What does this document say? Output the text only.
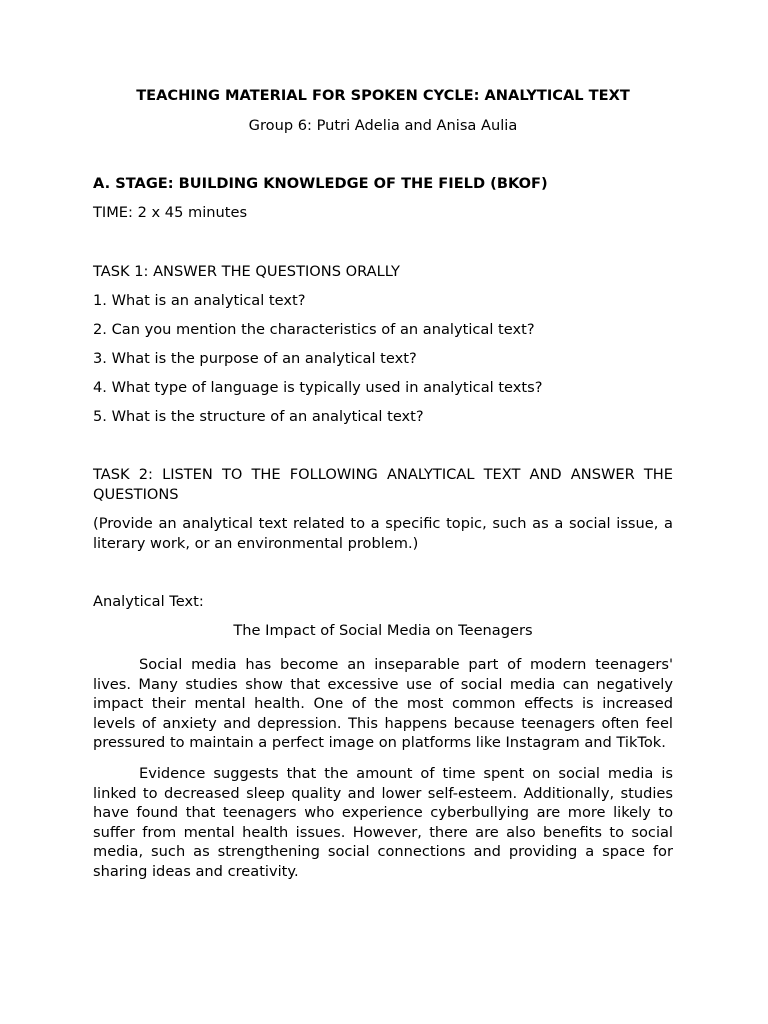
TEACHING MATERIAL FOR SPOKEN CYCLE: ANALYTICAL TEXT

Group 6: Putri Adelia and Anisa Aulia

A. STAGE: BUILDING KNOWLEDGE OF THE FIELD (BKOF)

TIME: 2 x 45 minutes

TASK 1: ANSWER THE QUESTIONS ORALLY

1. What is an analytical text?

2. Can you mention the characteristics of an analytical text?

3. What is the purpose of an analytical text?

4. What type of language is typically used in analytical texts?

5. What is the structure of an analytical text?

TASK 2: LISTEN TO THE FOLLOWING ANALYTICAL TEXT AND ANSWER THE QUESTIONS

(Provide an analytical text related to a specific topic, such as a social issue, a literary work, or an environmental problem.)

Analytical Text:

The Impact of Social Media on Teenagers

Social media has become an inseparable part of modern teenagers' lives. Many studies show that excessive use of social media can negatively impact their mental health. One of the most common effects is increased levels of anxiety and depression. This happens because teenagers often feel pressured to maintain a perfect image on platforms like Instagram and TikTok.

Evidence suggests that the amount of time spent on social media is linked to decreased sleep quality and lower self-esteem. Additionally, studies have found that teenagers who experience cyberbullying are more likely to suffer from mental health issues. However, there are also benefits to social media, such as strengthening social connections and providing a space for sharing ideas and creativity.
